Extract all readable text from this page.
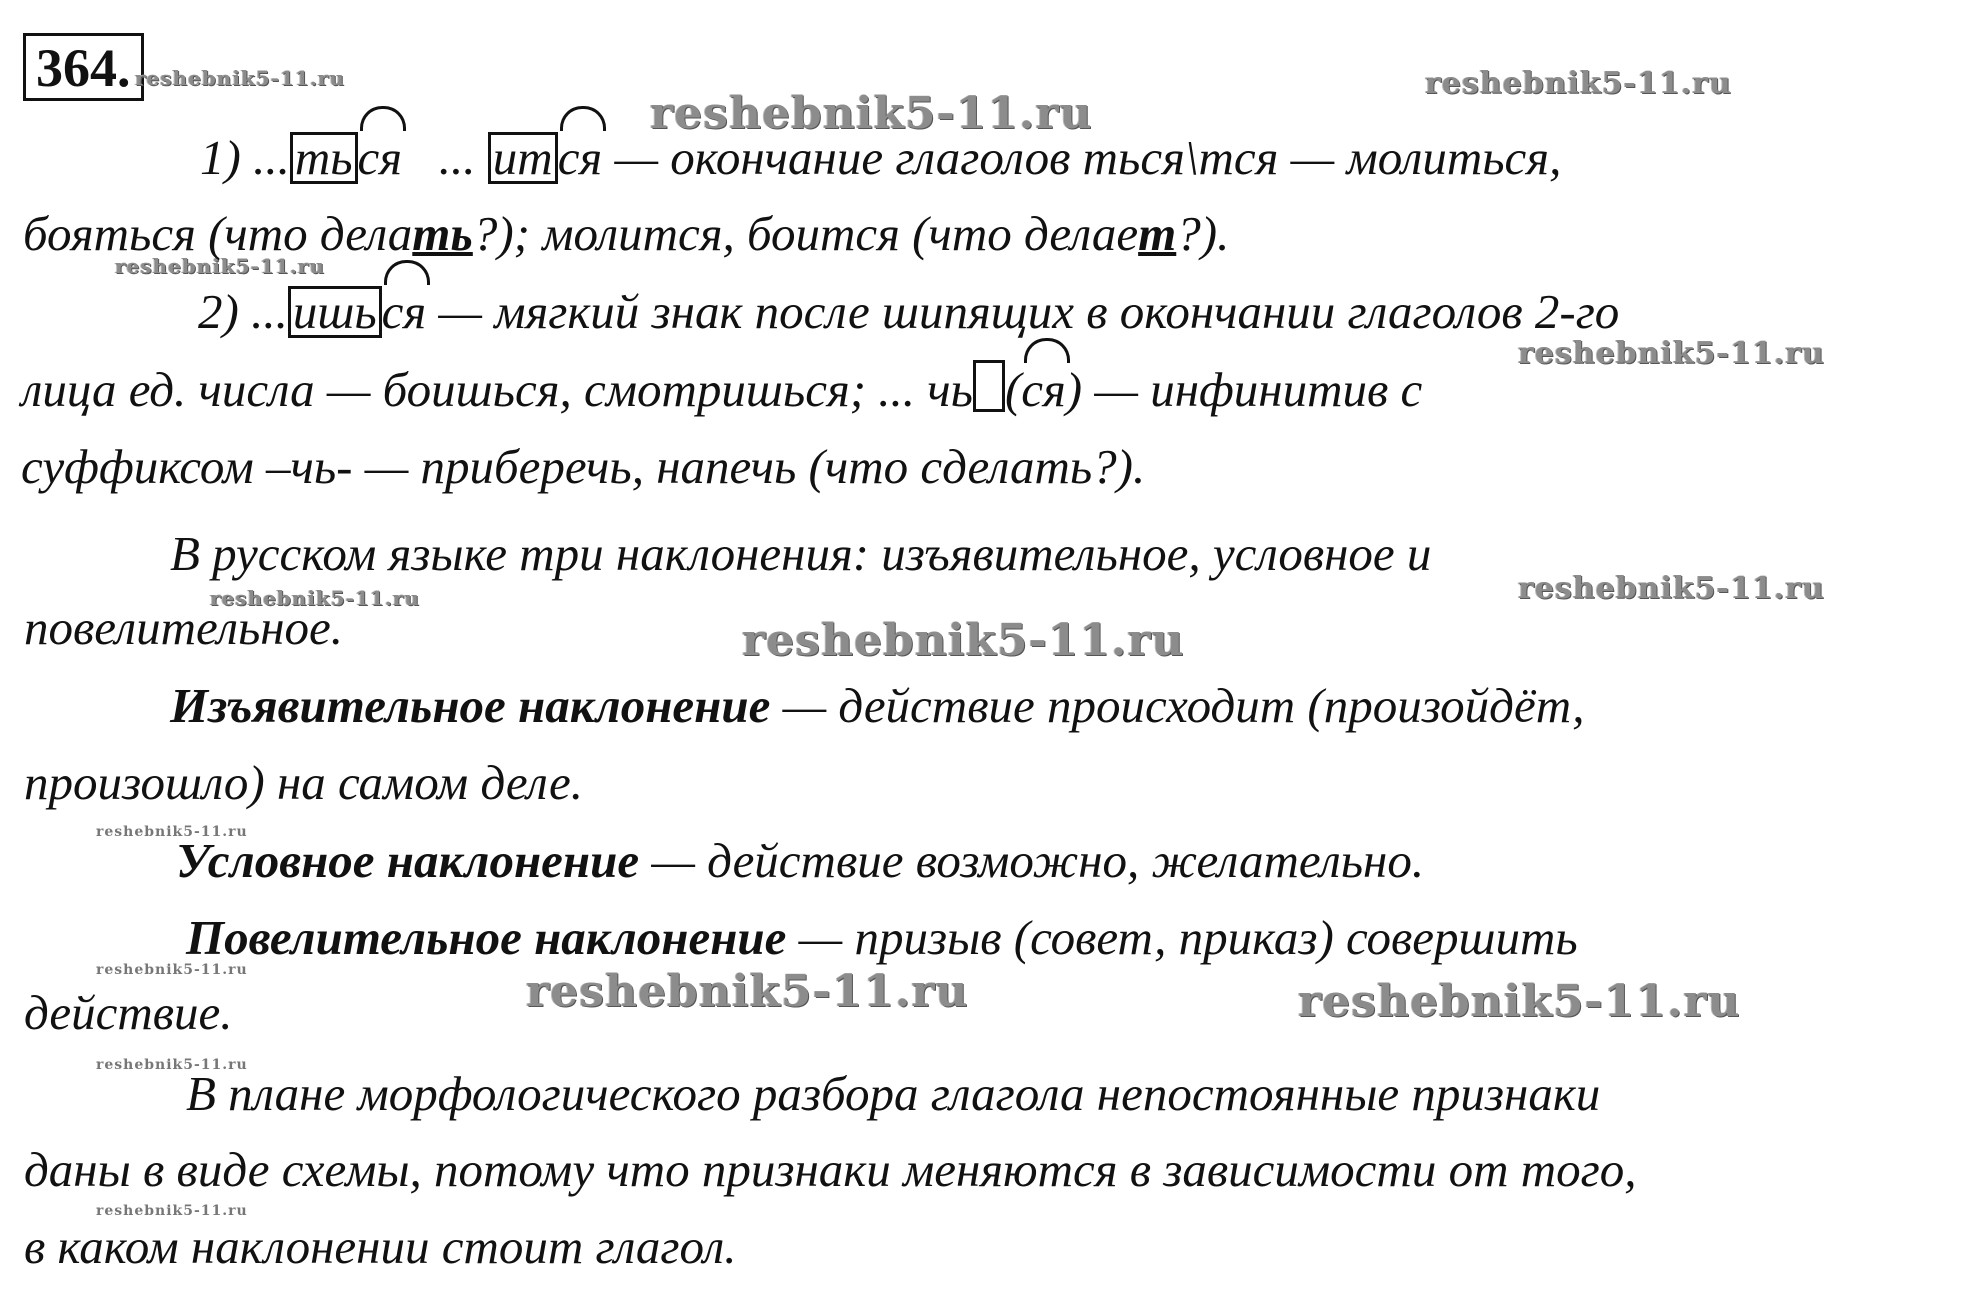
364. reshebnik5-11.ru
reshebnik5-11.ru
reshebnik5-11.ru
reshebnik5-11.ru
reshebnik5-11.ru
reshebnik5-11.ru	reshebnik5-11.ru
reshebnik5-11.ru
reshebnik5-11.ru
reshebnik5-11.ru	reshebnik5-11.ru	reshebnik5-11.ru
reshebnik5-11.ru
reshebnik5-11.ru
1) ... ть ся   ... ит ся — окончание глаголов ться\тся — молиться,
бояться (что делать?); молится, боится (что делает?).
2) ... ишь ся — мягкий знак после шипящих в окончании глаголов 2-го
лица ед. числа — боишься, смотришься; ... чь (ся) — инфинитив с
суффиксом –чь- — приберечь, напечь (что сделать?).
В русском языке три наклонения: изъявительное, условное и
повелительное.
Изъявительное наклонение — действие происходит (произойдёт,
произошло) на самом деле.
Условное наклонение — действие возможно, желательно.
Повелительное наклонение — призыв (совет, приказ) совершить
действие.
В плане морфологического разбора глагола непостоянные признаки
даны в виде схемы, потому что признаки меняются в зависимости от того,
в каком наклонении стоит глагол.
